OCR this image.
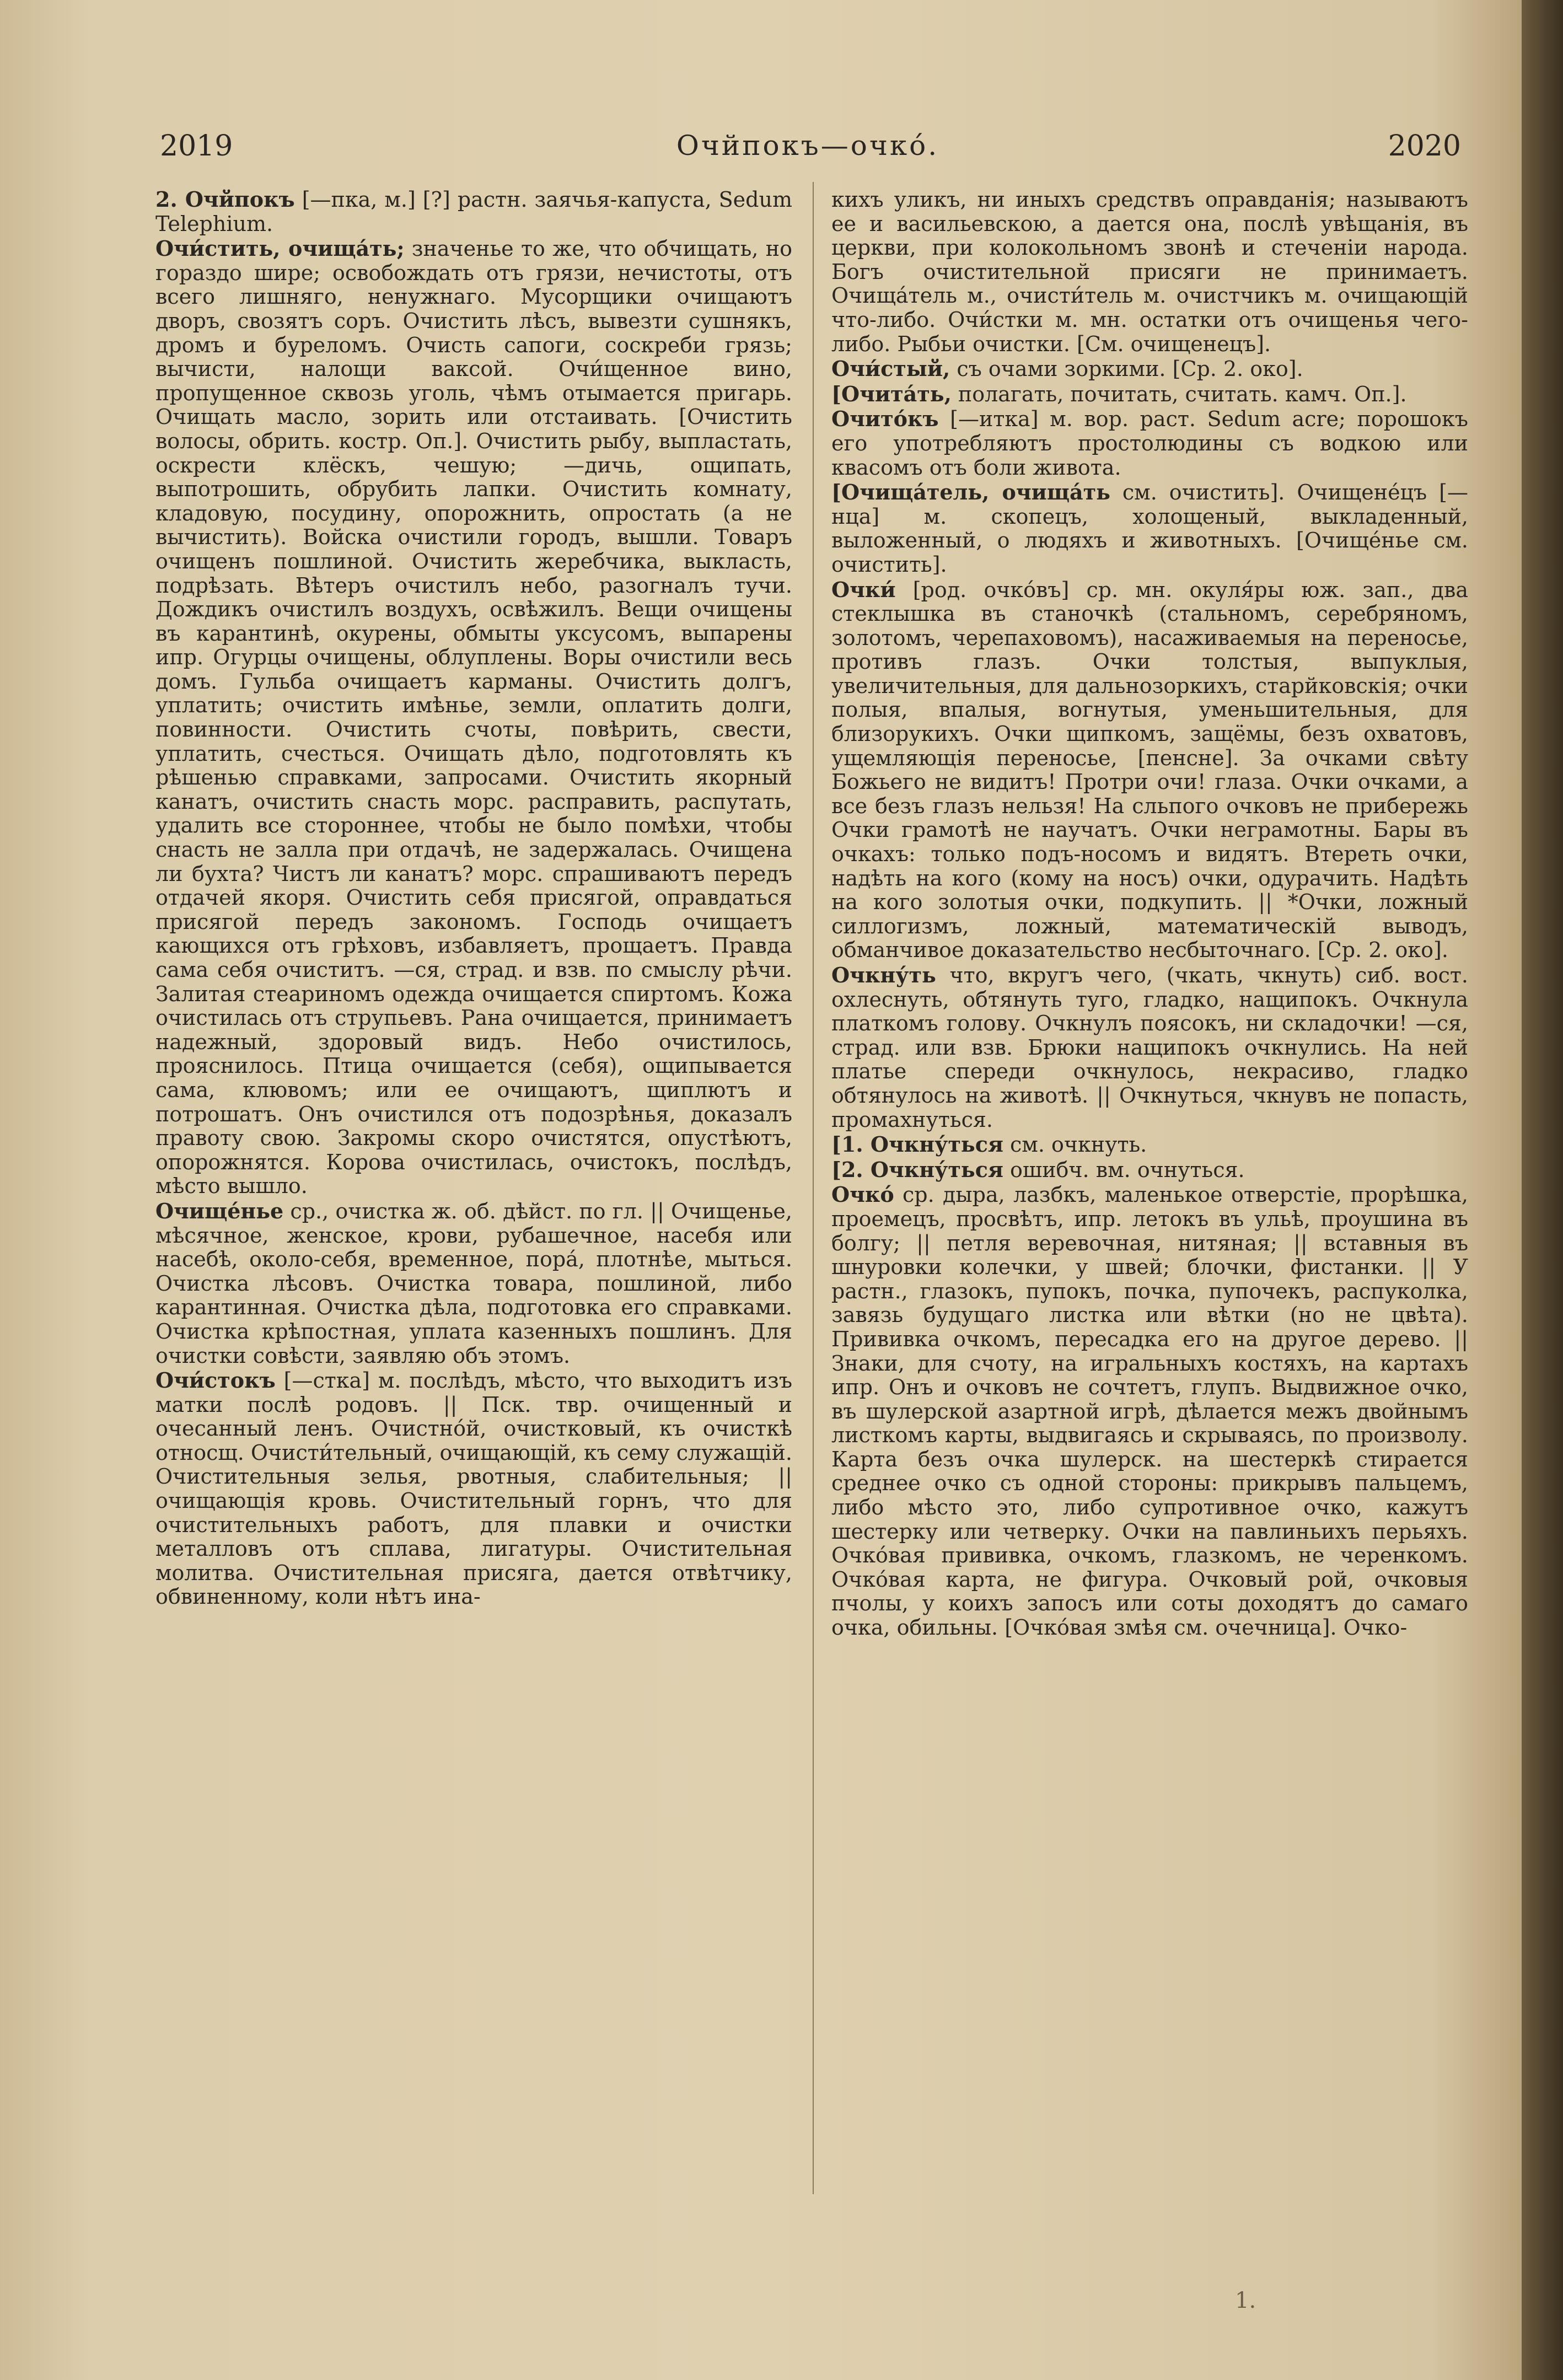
2019	Очйпокъ—очко́.	2020

2. Очйпокъ [—пка, м.] [?] растн. заячья-капуста, Sedum Telephium.

Очи́стить, очища́ть; значенье то же, что обчищать, но гораздо шире; освобождать отъ грязи, нечистоты, отъ всего лишняго, ненужнаго. Мусорщики очищаютъ дворъ, свозятъ соръ. Очистить лѣсъ, вывезти сушнякъ, дромъ и буреломъ. Очисть сапоги, соскреби грязь; вычисти, налощи ваксой. Очи́щенное вино, пропущенное сквозь уголь, чѣмъ отымается пригарь. Очищать масло, зорить или отстаивать. [Очистить волосы, обрить. костр. Оп.]. Очистить рыбу, выпластать, оскрести клёскъ, чешую; —дичь, ощипать, выпотрошить, обрубить лапки. Очистить комнату, кладовую, посудину, опорожнить, опростать (а не вычистить). Войска очистили городъ, вышли. Товаръ очищенъ пошлиной. Очистить жеребчика, выкласть, подрѣзать. Вѣтеръ очистилъ небо, разогналъ тучи. Дождикъ очистилъ воздухъ, освѣжилъ. Вещи очищены въ карантинѣ, окурены, обмыты уксусомъ, выпарены ипр. Огурцы очищены, облуплены. Воры очистили весь домъ. Гульба очищаетъ карманы. Очистить долгъ, уплатить; очистить имѣнье, земли, оплатить долги, повинности. Очистить счоты, повѣрить, свести, уплатить, счесться. Очищать дѣло, подготовлять къ рѣшенью справками, запросами. Очистить якорный канатъ, очистить снасть морс. расправить, распутать, удалить все стороннее, чтобы не было помѣхи, чтобы снасть не залла при отдачѣ, не задержалась. Очищена ли бухта? Чистъ ли канатъ? морс. спрашиваютъ передъ отдачей якоря. Очистить себя присягой, оправдаться присягой передъ закономъ. Господь очищаетъ кающихся отъ грѣховъ, избавляетъ, прощаетъ. Правда сама себя очиститъ. —ся, страд. и взв. по смыслу рѣчи. Залитая стеариномъ одежда очищается спиртомъ. Кожа очистилась отъ струпьевъ. Рана очищается, принимаетъ надежный, здоровый видъ. Небо очистилось, прояснилось. Птица очищается (себя), ощипывается сама, клювомъ; или ее очищаютъ, щиплютъ и потрошатъ. Онъ очистился отъ подозрѣнья, доказалъ правоту свою. Закромы скоро очистятся, опустѣютъ, опорожнятся. Корова очистилась, очистокъ, послѣдъ, мѣсто вышло.

Очище́нье ср., очистка ж. об. дѣйст. по гл. || Очищенье, мѣсячное, женское, крови, рубашечное, насебя или насебѣ, около-себя, временное, пора́, плотнѣе, мыться. Очистка лѣсовъ. Очистка товара, пошлиной, либо карантинная. Очистка дѣла, подготовка его справками. Очистка крѣпостная, уплата казенныхъ пошлинъ. Для очистки совѣсти, заявляю объ этомъ.

Очи́стокъ [—стка] м. послѣдъ, мѣсто, что выходитъ изъ матки послѣ родовъ. || Пск. твр. очищенный и очесанный ленъ. Очистно́й, очистковый, къ очисткѣ относщ. Очисти́тельный, очищающій, къ сему служащій. Очистительныя зелья, рвотныя, слабительныя; || очищающія кровь. Очистительный горнъ, что для очистительныхъ работъ, для плавки и очистки металловъ отъ сплава, лигатуры. Очистительная молитва. Очистительная присяга, дается отвѣтчику, обвиненному, коли нѣтъ ина-

кихъ уликъ, ни иныхъ средствъ оправданія; называютъ ее и васильевскою, а дается она, послѣ увѣщанія, въ церкви, при колокольномъ звонѣ и стеченіи народа. Богъ очистительной присяги не принимаетъ. Очища́тель м., очисти́тель м. очистчикъ м. очищающій что-либо. Очи́стки м. мн. остатки отъ очищенья чего-либо. Рыбьи очистки. [См. очищенецъ].

Очи́стый, съ очами зоркими. [Ср. 2. око].

[Очита́ть, полагать, почитать, считать. камч. Оп.].

Очито́къ [—итка] м. вор. раст. Sedum acre; порошокъ его употребляютъ простолюдины съ водкою или квасомъ отъ боли живота.

[Очища́тель, очища́ть см. очистить]. Очищене́цъ [—нца] м. скопецъ, холощеный, выкладенный, выложенный, о людяхъ и животныхъ. [Очище́нье см. очистить].

Очки́ [род. очко́въ] ср. мн. окуля́ры юж. зап., два стеклышка въ станочкѣ (стальномъ, серебряномъ, золотомъ, черепаховомъ), насаживаемыя на переносье, противъ глазъ. Очки толстыя, выпуклыя, увеличительныя, для дальнозоркихъ, старйковскія; очки полыя, впалыя, вогнутыя, уменьшительныя, для близорукихъ. Очки щипкомъ, защёмы, безъ охватовъ, ущемляющія переносье, [пенсне]. За очками свѣту Божьего не видитъ! Протри очи! глаза. Очки очками, а все безъ глазъ нельзя! На сльпого очковъ не прибережь Очки грамотѣ не научатъ. Очки неграмотны. Бары въ очкахъ: только подъ-носомъ и видятъ. Втереть очки, надѣть на кого (кому на носъ) очки, одурачить. Надѣть на кого золотыя очки, подкупить. || *Очки, ложный силлогизмъ, ложный, математическій выводъ, обманчивое доказательство несбыточнаго. [Ср. 2. око].

Очкну́ть что, вкругъ чего, (чкать, чкнуть) сиб. вост. охлеснуть, обтянуть туго, гладко, нащипокъ. Очкнула платкомъ голову. Очкнулъ поясокъ, ни складочки! —ся, страд. или взв. Брюки нащипокъ очкнулись. На ней платье спереди очкнулось, некрасиво, гладко обтянулось на животѣ. || Очкнуться, чкнувъ не попасть, промахнуться.

[1. Очкну́ться см. очкнуть.

[2. Очкну́ться ошибч. вм. очнуться.

Очко́ ср. дыра, лазбкъ, маленькое отверстіе, прорѣшка, проемецъ, просвѣтъ, ипр. летокъ въ ульѣ, проушина въ болгу; || петля веревочная, нитяная; || вставныя въ шнуровки колечки, у швей; блочки, фистанки. || У растн., глазокъ, пупокъ, почка, пупочекъ, распуколка, завязь будущаго листка или вѣтки (но не цвѣта). Прививка очкомъ, пересадка его на другое дерево. || Знаки, для счоту, на игральныхъ костяхъ, на картахъ ипр. Онъ и очковъ не сочтетъ, глупъ. Выдвижное очко, въ шулерской азартной игрѣ, дѣлается межъ двойнымъ листкомъ карты, выдвигаясь и скрываясь, по произволу. Карта безъ очка шулерск. на шестеркѣ стирается среднее очко съ одной стороны: прикрывъ пальцемъ, либо мѣсто это, либо супротивное очко, кажутъ шестерку или четверку. Очки на павлиньихъ перьяхъ. Очко́вая прививка, очкомъ, глазкомъ, не черенкомъ. Очко́вая карта, не фигура. Очковый рой, очковыя пчолы, у коихъ запосъ или соты доходятъ до самаго очка, обильны. [Очко́вая змѣя см. очечница]. Очко-

1.
